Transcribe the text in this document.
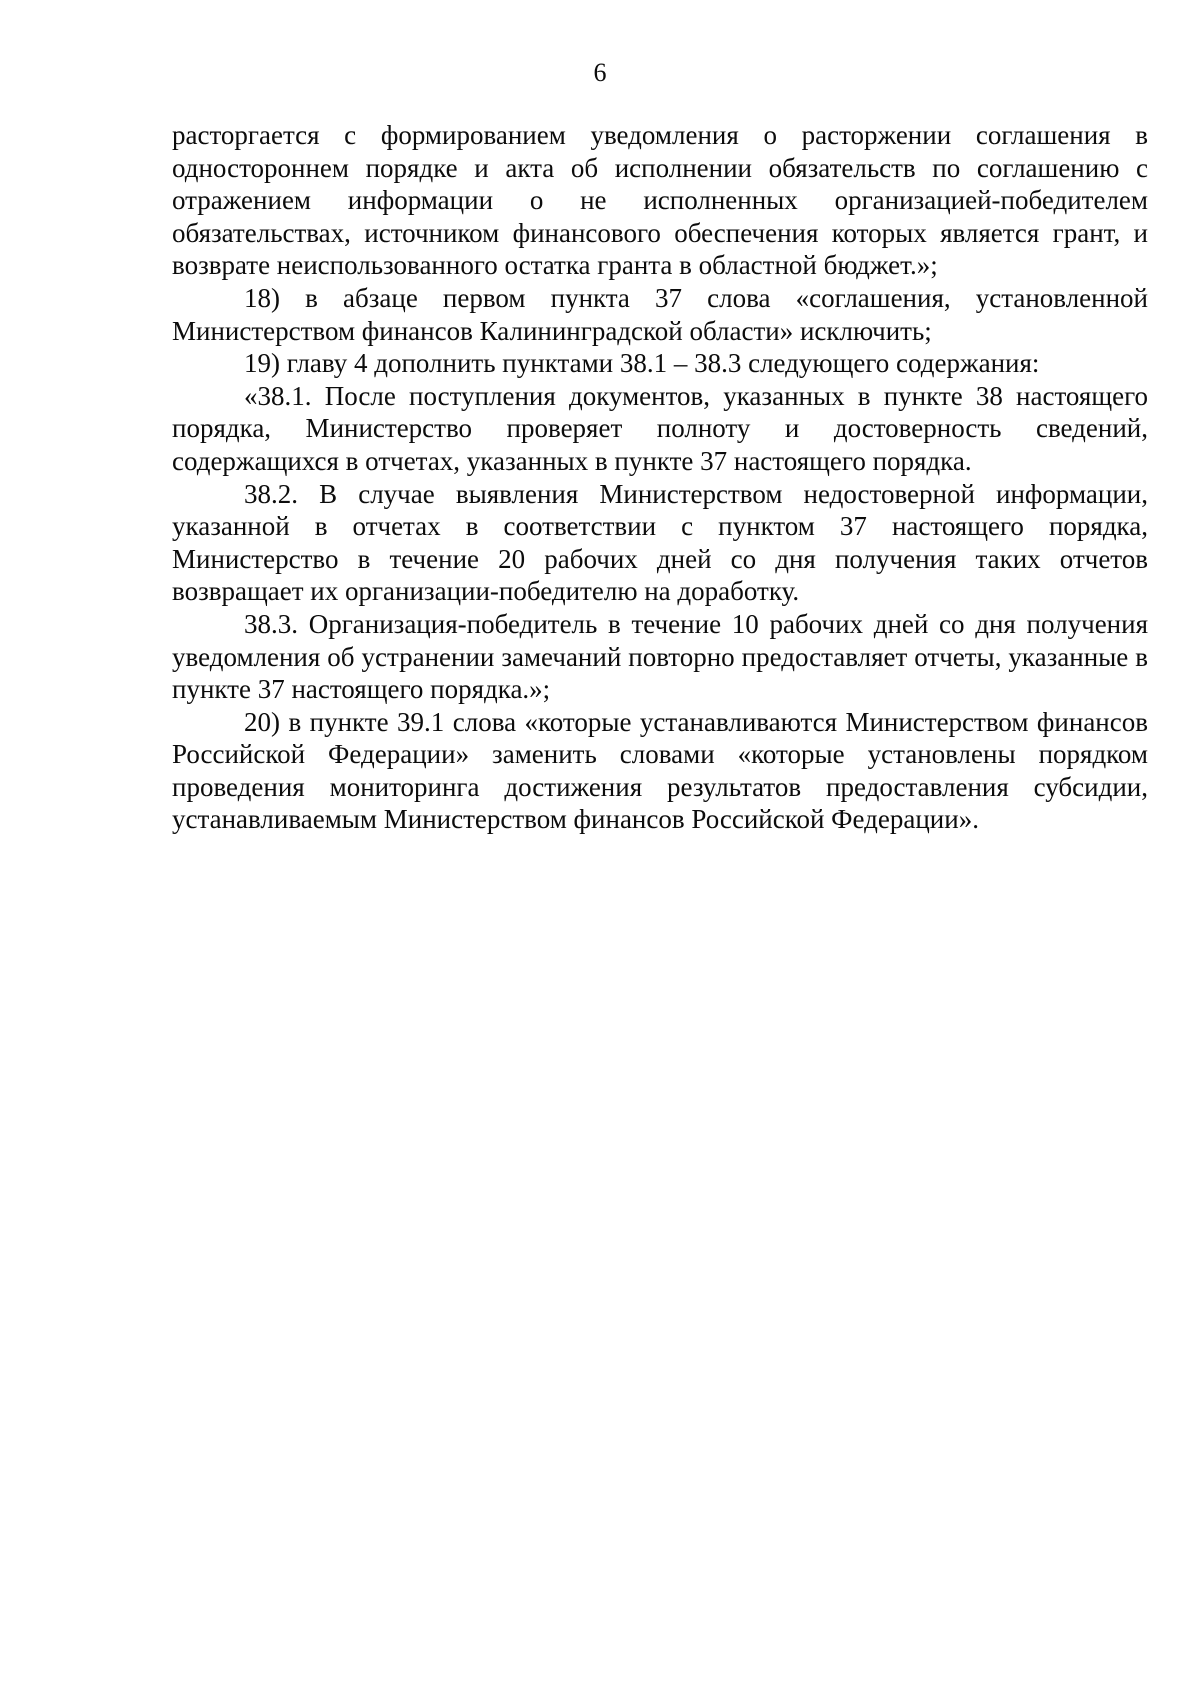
6

расторгается с формированием уведомления о расторжении соглашения в одностороннем порядке и акта об исполнении обязательств по соглашению с отражением информации о не исполненных организацией-победителем обязательствах, источником финансового обеспечения которых является грант, и возврате неиспользованного остатка гранта в областной бюджет.»;

18) в абзаце первом пункта 37 слова «соглашения, установленной Министерством финансов Калининградской области» исключить;

19) главу 4 дополнить пунктами 38.1 – 38.3 следующего содержания:

«38.1. После поступления документов, указанных в пункте 38 настоящего порядка, Министерство проверяет полноту и достоверность сведений, содержащихся в отчетах, указанных в пункте 37 настоящего порядка.

38.2. В случае выявления Министерством недостоверной информации, указанной в отчетах в соответствии с пунктом 37 настоящего порядка, Министерство в течение 20 рабочих дней со дня получения таких отчетов возвращает их организации-победителю на доработку.

38.3. Организация-победитель в течение 10 рабочих дней со дня получения уведомления об устранении замечаний повторно предоставляет отчеты, указанные в пункте 37 настоящего порядка.»;

20) в пункте 39.1 слова «которые устанавливаются Министерством финансов Российской Федерации» заменить словами «которые установлены порядком проведения мониторинга достижения результатов предоставления субсидии, устанавливаемым Министерством финансов Российской Федерации».
